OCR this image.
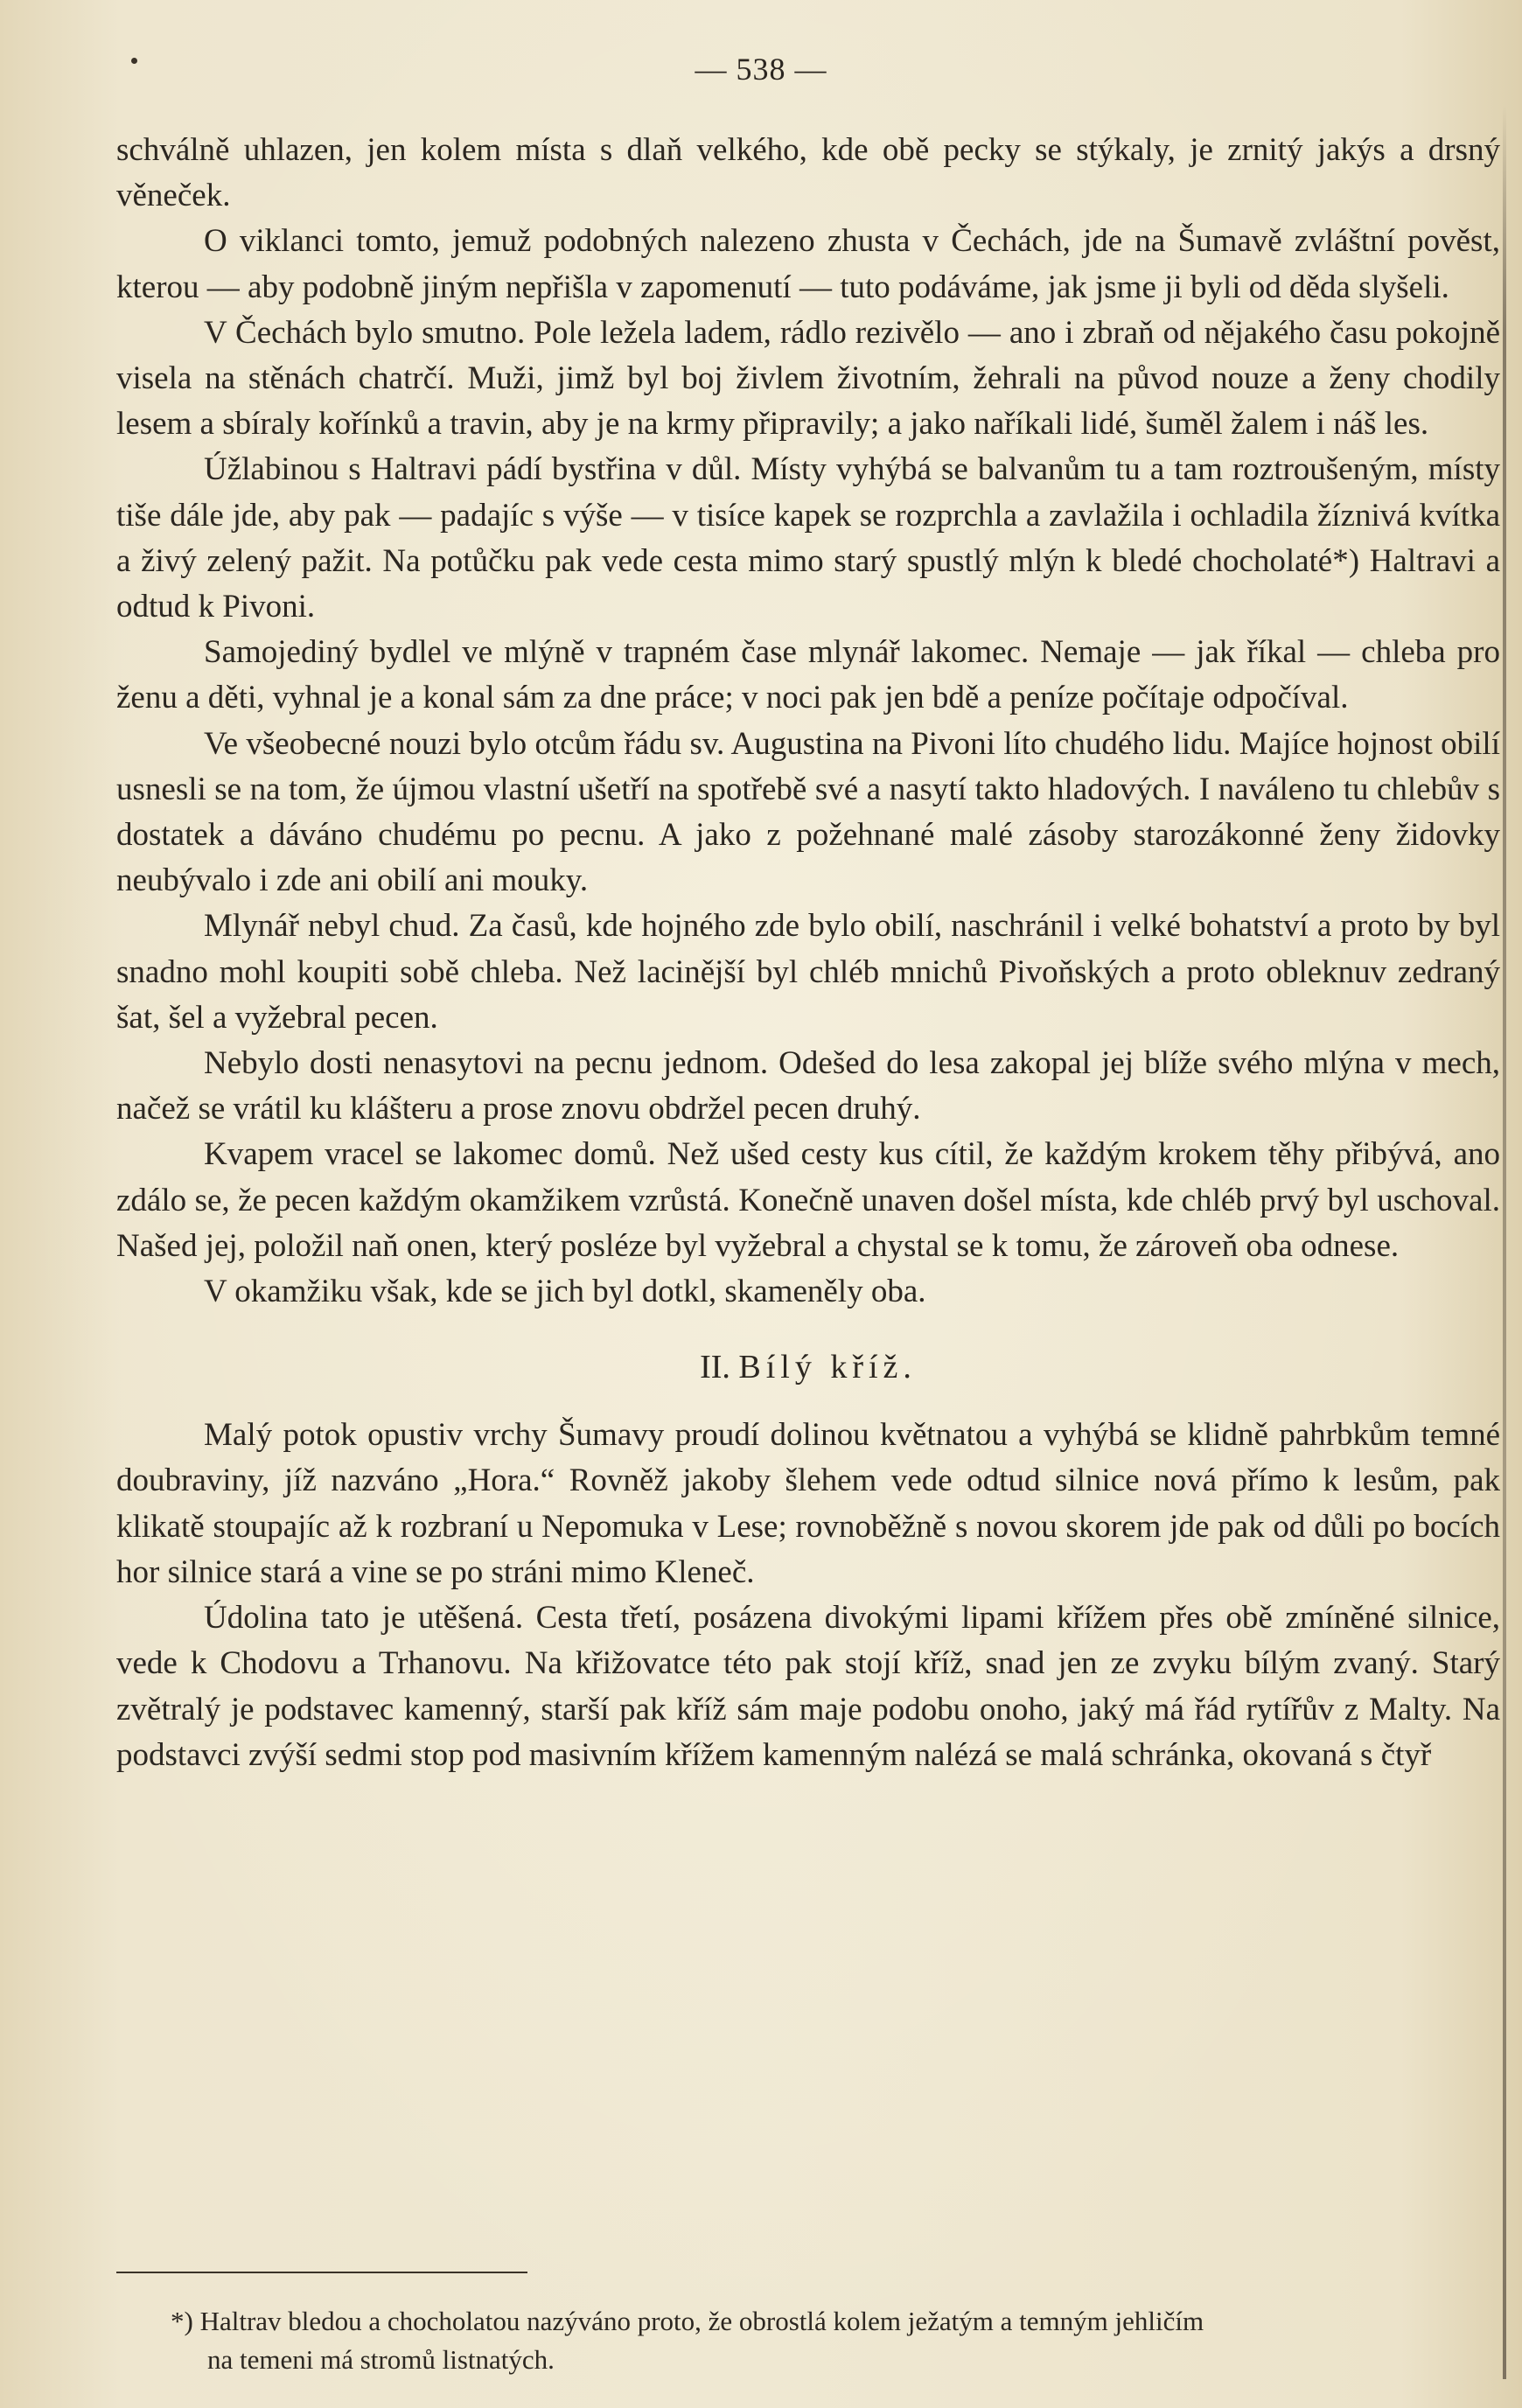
— 538 —

schválně uhlazen, jen kolem místa s dlaň velkého, kde obě pecky se stýkaly, je zrnitý jakýs a drsný věneček.

O viklanci tomto, jemuž podobných nalezeno zhusta v Čechách, jde na Šumavě zvláštní pověst, kterou — aby podobně jiným nepřišla v zapomenutí — tuto podáváme, jak jsme ji byli od děda slyšeli.

V Čechách bylo smutno. Pole ležela ladem, rádlo rezivělo — ano i zbraň od nějakého času pokojně visela na stěnách chatrčí. Muži, jimž byl boj živlem životním, žehrali na původ nouze a ženy chodily lesem a sbíraly kořínků a travin, aby je na krmy připravily; a jako naříkali lidé, šuměl žalem i náš les.

Úžlabinou s Haltravi pádí bystřina v důl. Místy vyhýbá se balvanům tu a tam roztroušeným, místy tiše dále jde, aby pak — padajíc s výše — v tisíce kapek se rozprchla a zavlažila i ochladila žíznivá kvítka a živý zelený pažit. Na potůčku pak vede cesta mimo starý spustlý mlýn k bledé chocholaté*) Haltravi a odtud k Pivoni.

Samojediný bydlel ve mlýně v trapném čase mlynář lakomec. Nemaje — jak říkal — chleba pro ženu a děti, vyhnal je a konal sám za dne práce; v noci pak jen bdě a peníze počítaje odpočíval.

Ve všeobecné nouzi bylo otcům řádu sv. Augustina na Pivoni líto chudého lidu. Majíce hojnost obilí usnesli se na tom, že újmou vlastní ušetří na spotřebě své a nasytí takto hladových. I naváleno tu chlebův s dostatek a dáváno chudému po pecnu. A jako z požehnané malé zásoby starozákonné ženy židovky neubývalo i zde ani obilí ani mouky.

Mlynář nebyl chud. Za časů, kde hojného zde bylo obilí, naschránil i velké bohatství a proto by byl snadno mohl koupiti sobě chleba. Než lacinější byl chléb mnichů Pivoňských a proto obleknuv zedraný šat, šel a vyžebral pecen.

Nebylo dosti nenasytovi na pecnu jednom. Odešed do lesa zakopal jej blíže svého mlýna v mech, načež se vrátil ku klášteru a prose znovu obdržel pecen druhý.

Kvapem vracel se lakomec domů. Než ušed cesty kus cítil, že každým krokem těhy přibývá, ano zdálo se, že pecen každým okamžikem vzrůstá. Konečně unaven došel místa, kde chléb prvý byl uschoval. Našed jej, položil naň onen, který posléze byl vyžebral a chystal se k tomu, že zároveň oba odnese.

V okamžiku však, kde se jich byl dotkl, skameněly oba.

II. Bílý kříž.

Malý potok opustiv vrchy Šumavy proudí dolinou květnatou a vyhýbá se klidně pahrbkům temné doubraviny, jíž nazváno „Hora.“ Rovněž jakoby šlehem vede odtud silnice nová přímo k lesům, pak klikatě stoupajíc až k rozbraní u Nepomuka v Lese; rovnoběžně s novou skorem jde pak od důli po bocích hor silnice stará a vine se po stráni mimo Kleneč.

Údolina tato je utěšená. Cesta třetí, posázena divokými lipami křížem přes obě zmíněné silnice, vede k Chodovu a Trhanovu. Na křižovatce této pak stojí kříž, snad jen ze zvyku bílým zvaný. Starý zvětralý je podstavec kamenný, starší pak kříž sám maje podobu onoho, jaký má řád rytířův z Malty. Na podstavci zvýší sedmi stop pod masivním křížem kamenným nalézá se malá schránka, okovaná s čtyř

*) Haltrav bledou a chocholatou nazýváno proto, že obrostlá kolem ježatým a temným jehličím

na temeni má stromů listnatých.
